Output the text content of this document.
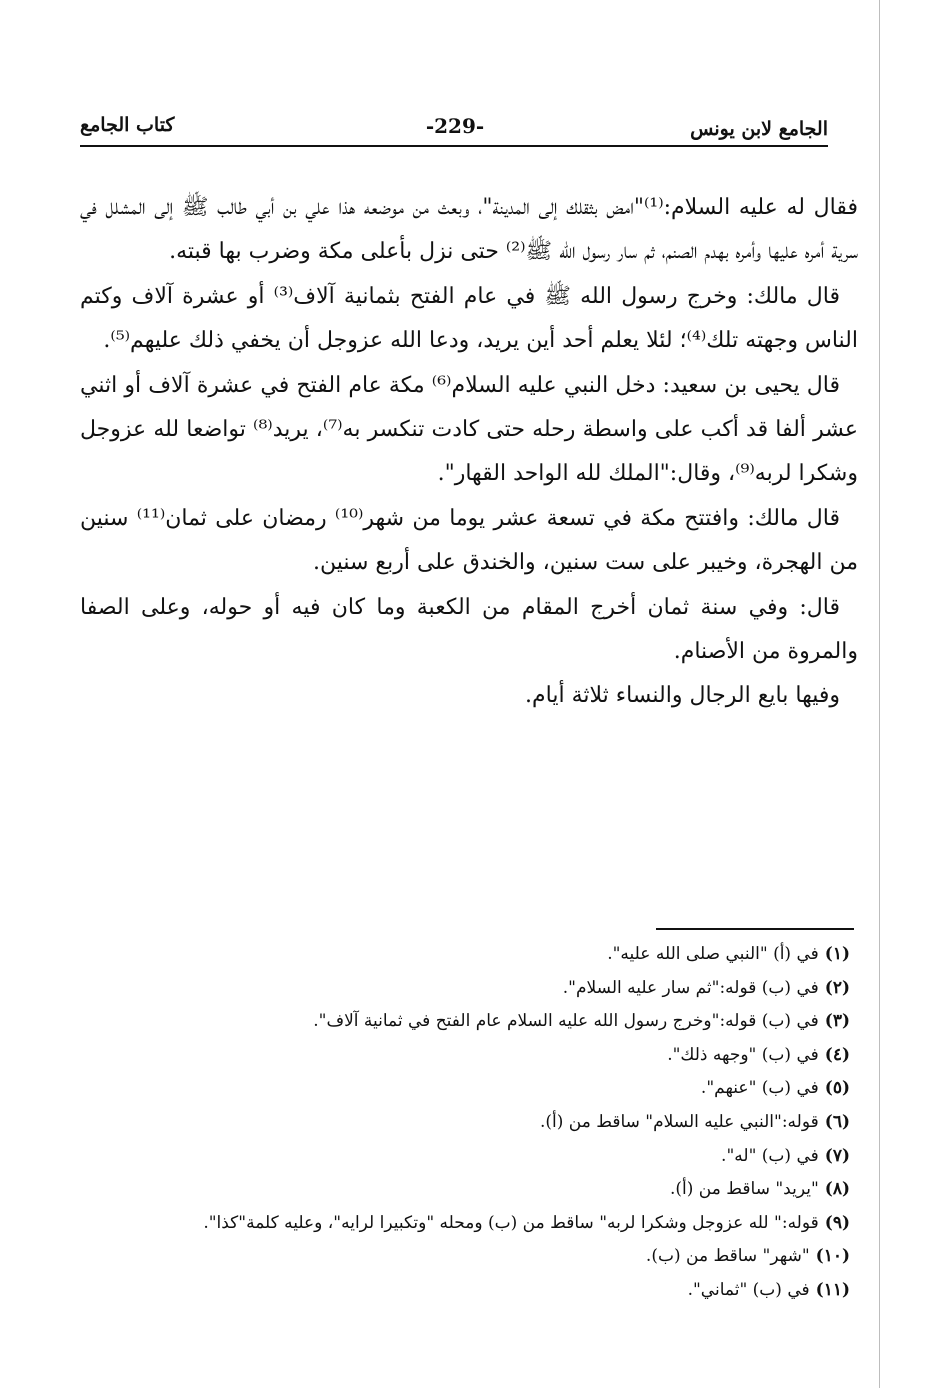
الجامع لابن يونس
-229-
كتاب الجامع

فقال له عليه السلام:⁽¹⁾"امض بثقلك إلى المدينة"، وبعث من موضعه هذا علي بن أبي طالب ﷺ إلى المشلل في سرية أمره عليها وأمره بهدم الصنم، ثم سار رسول الله ﷺ⁽²⁾ حتى نزل بأعلى مكة وضرب بها قبته.

قال مالك: وخرج رسول الله ﷺ في عام الفتح بثمانية آلاف⁽³⁾ أو عشرة آلاف وكتم الناس وجهته تلك⁽⁴⁾؛ لئلا يعلم أحد أين يريد، ودعا الله عزوجل أن يخفي ذلك عليهم⁽⁵⁾.

قال يحيى بن سعيد: دخل النبي عليه السلام⁽⁶⁾ مكة عام الفتح في عشرة آلاف أو اثني عشر ألفا قد أكب على واسطة رحله حتى كادت تنكسر به⁽⁷⁾، يريد⁽⁸⁾ تواضعا لله عزوجل وشكرا لربه⁽⁹⁾، وقال:"الملك لله الواحد القهار".

قال مالك: وافتتح مكة في تسعة عشر يوما من شهر⁽¹⁰⁾ رمضان على ثمان⁽¹¹⁾ سنين من الهجرة، وخيبر على ست سنين، والخندق على أربع سنين.

قال: وفي سنة ثمان أخرج المقام من الكعبة وما كان فيه أو حوله، وعلى الصفا والمروة من الأصنام.

وفيها بايع الرجال والنساء ثلاثة أيام.

(١)في (أ) "النبي صلى الله عليه".
(٢)في (ب) قوله:"ثم سار عليه السلام".
(٣)في (ب) قوله:"وخرج رسول الله عليه السلام عام الفتح في ثمانية آلاف".
(٤)في (ب) "وجهه ذلك".
(٥)في (ب) "عنهم".
(٦)قوله:"النبي عليه السلام" ساقط من (أ).
(٧)في (ب) "له".
(٨)"يريد" ساقط من (أ).
(٩)قوله:" لله عزوجل وشكرا لربه" ساقط من (ب) ومحله "وتكبيرا لرايه"، وعليه كلمة"كذا".
(١٠)"شهر" ساقط من (ب).
(١١)في (ب) "ثماني".
